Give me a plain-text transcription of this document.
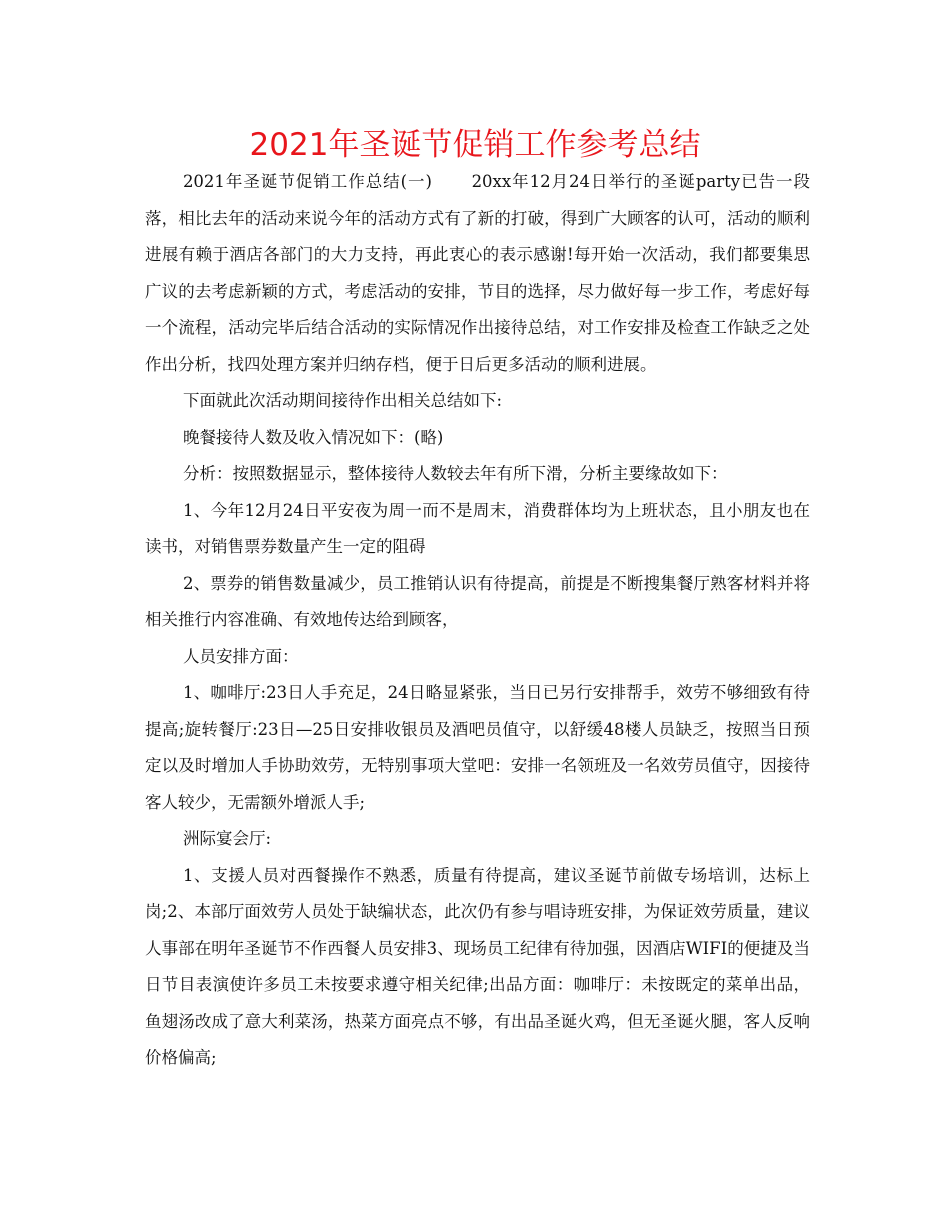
2021年圣诞节促销工作参考总结

2021年圣诞节促销工作总结(一) 20xx年12月24日举行的圣诞party已告一段落，相比去年的活动来说今年的活动方式有了新的打破，得到广大顾客的认可，活动的顺利进展有赖于酒店各部门的大力支持，再此衷心的表示感谢!每开始一次活动，我们都要集思广议的去考虑新颖的方式，考虑活动的安排，节目的选择，尽力做好每一步工作，考虑好每一个流程，活动完毕后结合活动的实际情况作出接待总结，对工作安排及检查工作缺乏之处作出分析，找四处理方案并归纳存档，便于日后更多活动的顺利进展。

下面就此次活动期间接待作出相关总结如下:

晚餐接待人数及收入情况如下：(略)

分析：按照数据显示，整体接待人数较去年有所下滑，分析主要缘故如下：

1、今年12月24日平安夜为周一而不是周末，消费群体均为上班状态，且小朋友也在读书，对销售票券数量产生一定的阻碍

2、票券的销售数量减少，员工推销认识有待提高，前提是不断搜集餐厅熟客材料并将相关推行内容准确、有效地传达给到顾客，

人员安排方面：

1、咖啡厅:23日人手充足，24日略显紧张，当日已另行安排帮手，效劳不够细致有待提高;旋转餐厅:23日—25日安排收银员及酒吧员值守，以舒缓48楼人员缺乏，按照当日预定以及时增加人手协助效劳，无特别事项大堂吧：安排一名领班及一名效劳员值守，因接待客人较少，无需额外增派人手;

洲际宴会厅:

1、支援人员对西餐操作不熟悉，质量有待提高，建议圣诞节前做专场培训，达标上岗;2、本部厅面效劳人员处于缺编状态，此次仍有参与唱诗班安排，为保证效劳质量，建议人事部在明年圣诞节不作西餐人员安排3、现场员工纪律有待加强，因酒店WIFI的便捷及当日节目表演使许多员工未按要求遵守相关纪律;出品方面：咖啡厅：未按既定的菜单出品，鱼翅汤改成了意大利菜汤，热菜方面亮点不够，有出品圣诞火鸡，但无圣诞火腿，客人反响价格偏高;
